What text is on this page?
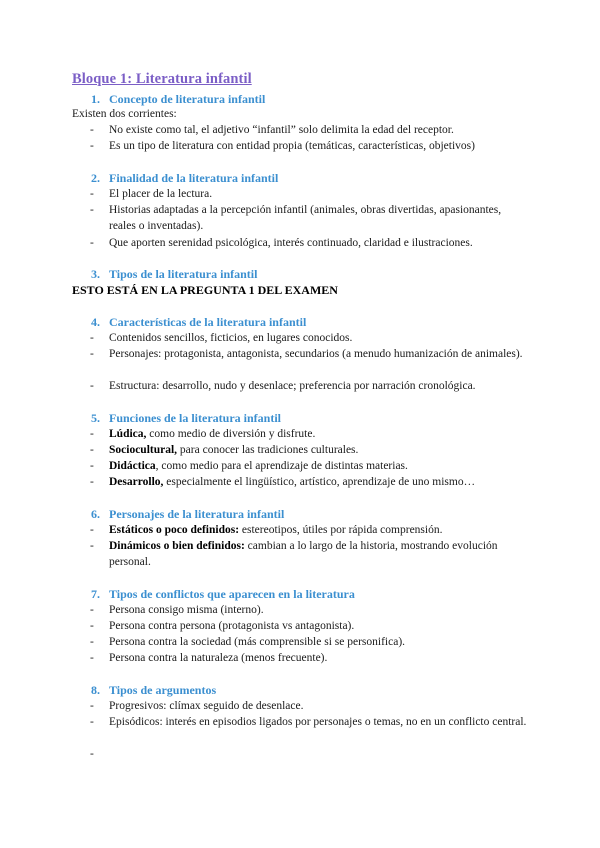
Bloque 1: Literatura infantil
1. Concepto de literatura infantil
Existen dos corrientes:
- No existe como tal, el adjetivo “infantil” solo delimita la edad del receptor.
- Es un tipo de literatura con entidad propia (temáticas, características, objetivos)
2. Finalidad de la literatura infantil
- El placer de la lectura.
- Historias adaptadas a la percepción infantil (animales, obras divertidas, apasionantes, reales o inventadas).
- Que aporten serenidad psicológica, interés continuado, claridad e ilustraciones.
3. Tipos de la literatura infantil
ESTO ESTÁ EN LA PREGUNTA 1 DEL EXAMEN
4. Características de la literatura infantil
- Contenidos sencillos, ficticios, en lugares conocidos.
- Personajes: protagonista, antagonista, secundarios (a menudo humanización de animales).
- Estructura: desarrollo, nudo y desenlace; preferencia por narración cronológica.
5. Funciones de la literatura infantil
- Lúdica, como medio de diversión y disfrute.
- Sociocultural, para conocer las tradiciones culturales.
- Didáctica, como medio para el aprendizaje de distintas materias.
- Desarrollo, especialmente el lingüístico, artístico, aprendizaje de uno mismo…
6. Personajes de la literatura infantil
- Estáticos o poco definidos: estereotipos, útiles por rápida comprensión.
- Dinámicos o bien definidos: cambian a lo largo de la historia, mostrando evolución personal.
7. Tipos de conflictos que aparecen en la literatura
- Persona consigo misma (interno).
- Persona contra persona (protagonista vs antagonista).
- Persona contra la sociedad (más comprensible si se personifica).
- Persona contra la naturaleza (menos frecuente).
8. Tipos de argumentos
- Progresivos: clímax seguido de desenlace.
- Episódicos: interés en episodios ligados por personajes o temas, no en un conflicto central.
-
